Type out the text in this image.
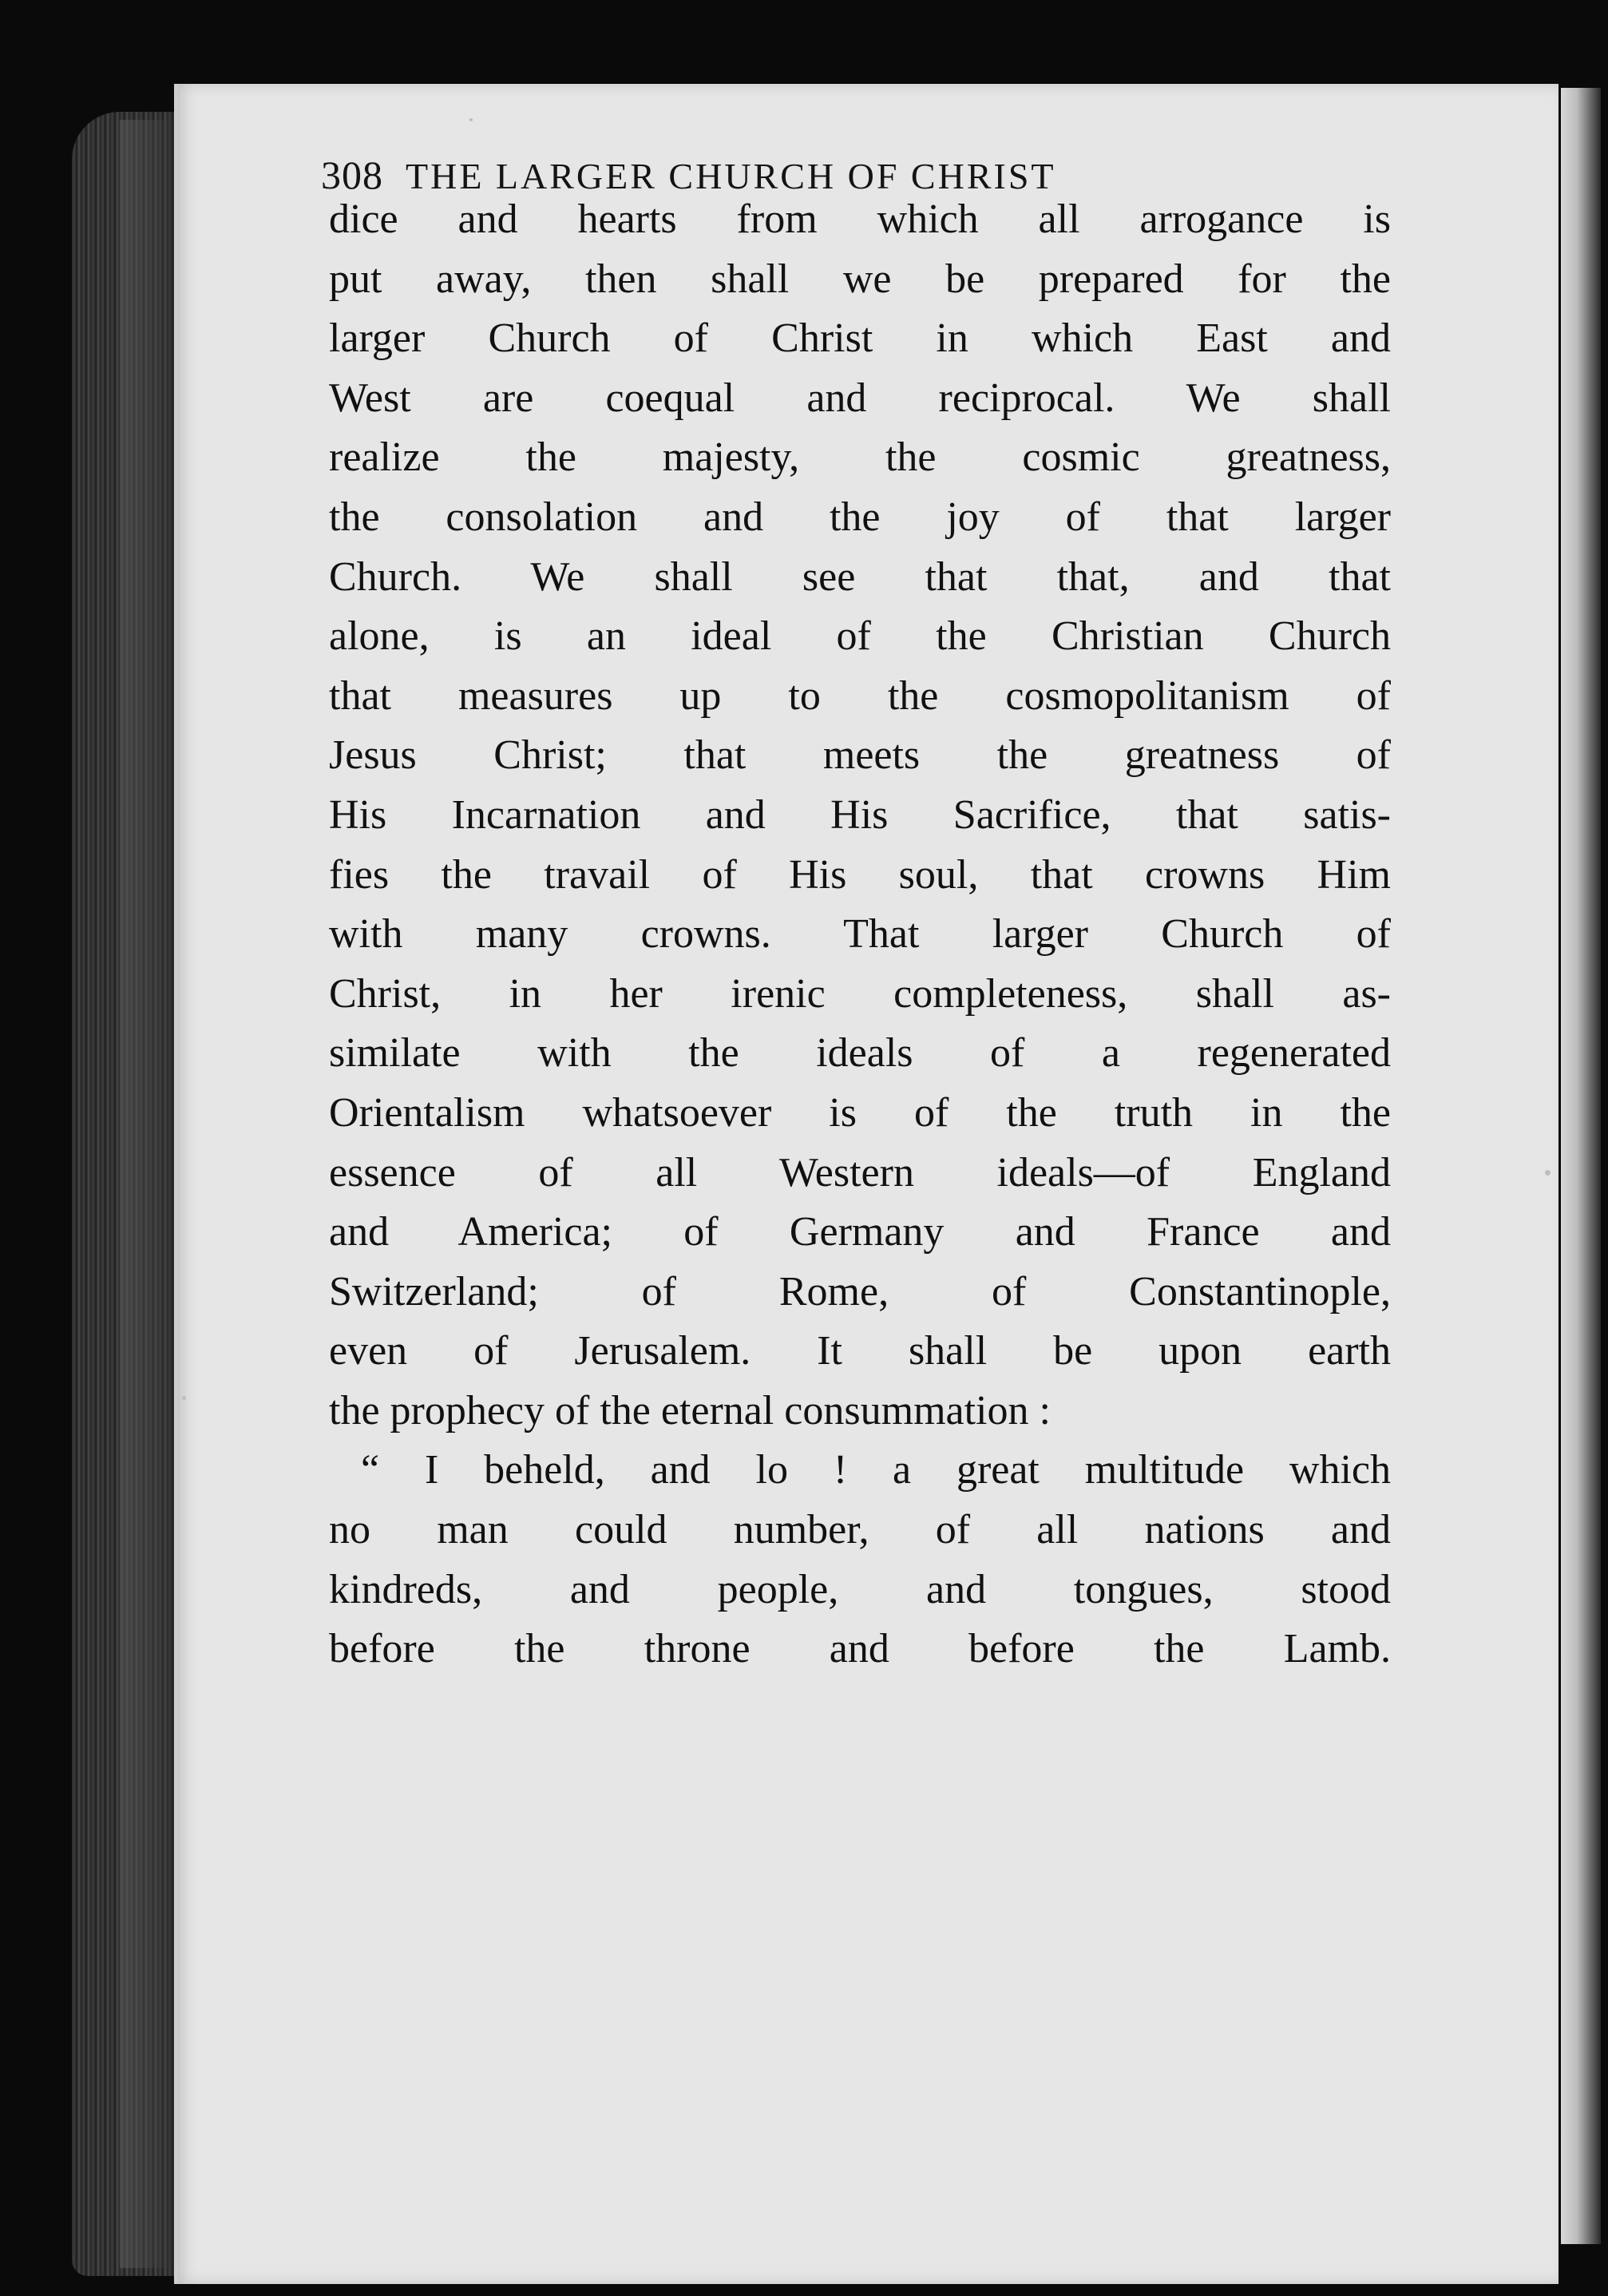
308 THE LARGER CHURCH OF CHRIST
dice and hearts from which all arrogance is
put away, then shall we be prepared for the
larger Church of Christ in which East and
West are coequal and reciprocal. We shall
realize the majesty, the cosmic greatness,
the consolation and the joy of that larger
Church. We shall see that that, and that
alone, is an ideal of the Christian Church
that measures up to the cosmopolitanism of
Jesus Christ; that meets the greatness of
His Incarnation and His Sacrifice, that satis-
fies the travail of His soul, that crowns Him
with many crowns. That larger Church of
Christ, in her irenic completeness, shall as-
similate with the ideals of a regenerated
Orientalism whatsoever is of the truth in the
essence of all Western ideals—of England
and America; of Germany and France and
Switzerland; of Rome, of Constantinople,
even of Jerusalem. It shall be upon earth
the prophecy of the eternal consummation :
“ I beheld, and lo ! a great multitude which
no man could number, of all nations and
kindreds, and people, and tongues, stood
before the throne and before the Lamb.
